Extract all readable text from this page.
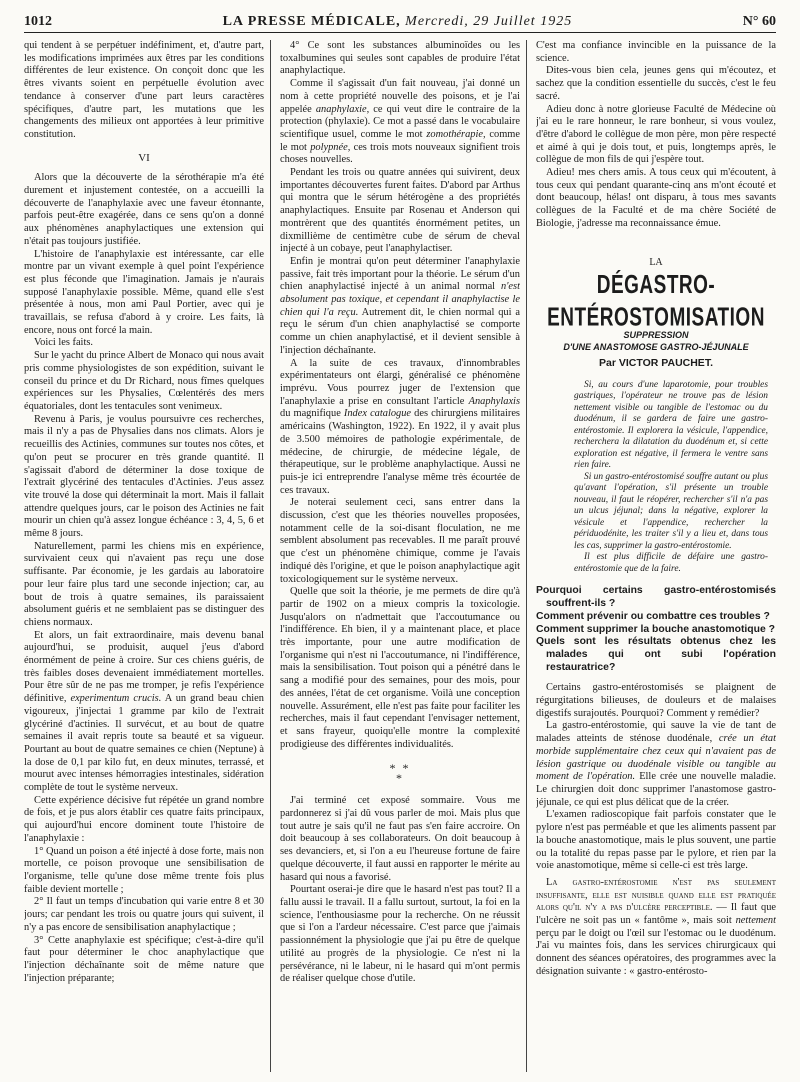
1012	LA PRESSE MÉDICALE, Mercredi, 29 Juillet 1925	N° 60

qui tendent à se perpétuer indéfiniment, et, d'autre part, les modifications imprimées aux êtres par les conditions différentes de leur existence. On conçoit donc que les êtres vivants soient en perpétuelle évolution avec tendance à conserver d'une part leurs caractères spécifiques, d'autre part, les mutations que les changements des milieux ont apportées à leur primitive constitution.

VI

Alors que la découverte de la sérothérapie m'a été durement et injustement contestée, on a accueilli la découverte de l'anaphylaxie avec une faveur étonnante, parfois peut-être exagérée, dans ce sens qu'on a donné aux phénomènes anaphylactiques une extension qui n'était pas toujours justifiée.

L'histoire de l'anaphylaxie est intéressante, car elle montre par un vivant exemple à quel point l'expérience est plus féconde que l'imagination. Jamais je n'aurais supposé l'anaphylaxie possible. Même, quand elle s'est présentée à nous, mon ami Paul Portier, avec qui je travaillais, se refusa d'abord à y croire. Les faits, là encore, nous ont forcé la main.

Voici les faits.

Sur le yacht du prince Albert de Monaco qui nous avait pris comme physiologistes de son expédition, suivant le conseil du prince et du Dr Richard, nous fîmes quelques expériences sur les Physalies, Cœlentérés des mers équatoriales, dont les tentacules sont venimeux.

Revenu à Paris, je voulus poursuivre ces recherches, mais il n'y a pas de Physalies dans nos climats. Alors je recueillis des Actinies, communes sur toutes nos côtes, et qu'on peut se procurer en très grande quantité. Il s'agissait d'abord de déterminer la dose toxique de l'extrait glycériné des tentacules d'Actinies. J'eus assez vite trouvé la dose qui déterminait la mort. Mais il fallait attendre quelques jours, car le poison des Actinies ne fait mourir un chien qu'à assez longue échéance : 3, 4, 5, 6 et même 8 jours.

Naturellement, parmi les chiens mis en expérience, survivaient ceux qui n'avaient pas reçu une dose suffisante. Par économie, je les gardais au laboratoire pour leur faire plus tard une seconde injection; car, au bout de trois à quatre semaines, ils paraissaient absolument guéris et ne semblaient pas se distinguer des chiens normaux.

Et alors, un fait extraordinaire, mais devenu banal aujourd'hui, se produisit, auquel j'eus d'abord énormément de peine à croire. Sur ces chiens guéris, de très faibles doses devenaient immédiatement mortelles. Pour être sûr de ne pas me tromper, je refis l'expérience définitive, experimentum crucis. A un grand beau chien vigoureux, j'injectai 1 gramme par kilo de l'extrait glycériné d'actinies. Il survécut, et au bout de quatre semaines il avait repris toute sa beauté et sa vigueur. Pourtant au bout de quatre semaines ce chien (Neptune) à la dose de 0,1 par kilo fut, en deux minutes, terrassé, et mourut avec intenses hémorragies intestinales, sidération complète de tout le système nerveux.

Cette expérience décisive fut répétée un grand nombre de fois, et je pus alors établir ces quatre faits principaux, qui aujourd'hui encore dominent toute l'histoire de l'anaphylaxie :

1° Quand un poison a été injecté à dose forte, mais non mortelle, ce poison provoque une sensibilisation de l'organisme, telle qu'une dose même trente fois plus faible devient mortelle ;

2° Il faut un temps d'incubation qui varie entre 8 et 30 jours; car pendant les trois ou quatre jours qui suivent, il n'y a pas encore de sensibilisation anaphylactique ;

3° Cette anaphylaxie est spécifique; c'est-à-dire qu'il faut pour déterminer le choc anaphylactique que l'injection déchaînante soit de même nature que l'injection préparante;

4° Ce sont les substances albuminoïdes ou les toxalbumines qui seules sont capables de produire l'état anaphylactique.

Comme il s'agissait d'un fait nouveau, j'ai donné un nom à cette propriété nouvelle des poisons, et je l'ai appelée anaphylaxie, ce qui veut dire le contraire de la protection (phylaxie). Ce mot a passé dans le vocabulaire scientifique usuel, comme le mot zomothérapie, comme le mot polypnée, ces trois mots nouveaux signifient trois choses nouvelles.

Pendant les trois ou quatre années qui suivirent, deux importantes découvertes furent faites. D'abord par Arthus qui montra que le sérum hétérogène a des propriétés anaphylactiques. Ensuite par Rosenau et Anderson qui montrèrent que des quantités énormément petites, un dixmillième de centimètre cube de sérum de cheval injecté à un cobaye, peut l'anaphylactiser.

Enfin je montrai qu'on peut déterminer l'anaphylaxie passive, fait très important pour la théorie. Le sérum d'un chien anaphylactisé injecté à un animal normal n'est absolument pas toxique, et cependant il anaphylactise le chien qui l'a reçu. Autrement dit, le chien normal qui a reçu le sérum d'un chien anaphylactisé se comporte comme un chien anaphylactisé, et il devient sensible à l'injection déchaînante.

A la suite de ces travaux, d'innombrables expérimentateurs ont élargi, généralisé ce phénomène imprévu. Vous pourrez juger de l'extension que l'anaphylaxie a prise en consultant l'article Anaphylaxis du magnifique Index catalogue des chirurgiens militaires américains (Washington, 1922). En 1922, il y avait plus de 3.500 mémoires de pathologie expérimentale, de médecine, de chirurgie, de médecine légale, de thérapeutique, sur le problème anaphylactique. Aussi ne puis-je ici entreprendre l'analyse même très écourtée de ces travaux.

Je noterai seulement ceci, sans entrer dans la discussion, c'est que les théories nouvelles proposées, notamment celle de la soi-disant floculation, ne me semblent absolument pas recevables. Il me paraît prouvé que c'est un phénomène chimique, comme je l'avais indiqué dès l'origine, et que le poison anaphylactique agit toxicologiquement sur le système nerveux.

Quelle que soit la théorie, je me permets de dire qu'à partir de 1902 on a mieux compris la toxicologie. Jusqu'alors on n'admettait que l'accoutumance ou l'indifférence. Eh bien, il y a maintenant place, et place très importante, pour une autre modification de l'organisme qui n'est ni l'accoutumance, ni l'indifférence, mais la sensibilisation. Tout poison qui a pénétré dans le sang a modifié pour des semaines, pour des mois, pour des années, l'état de cet organisme. Voilà une conception nouvelle. Assurément, elle n'est pas faite pour faciliter les recherches, mais il faut cependant l'envisager nettement, et sans frayeur, quoiqu'elle montre la complexité prodigieuse des différentes individualités.

* *
*

J'ai terminé cet exposé sommaire. Vous me pardonnerez si j'ai dû vous parler de moi. Mais plus que tout autre je sais qu'il ne faut pas s'en faire accroire. On doit beaucoup à ses collaborateurs. On doit beaucoup à ses devanciers, et, si l'on a eu l'heureuse fortune de faire quelque découverte, il faut aussi en rapporter le mérite au hasard qui nous a favorisé.

Pourtant oserai-je dire que le hasard n'est pas tout? Il a fallu aussi le travail. Il a fallu surtout, surtout, la foi en la science, l'enthousiasme pour la recherche. On ne réussit que si l'on a l'ardeur nécessaire. C'est parce que j'aimais passionnément la physiologie que j'ai pu être de quelque utilité au progrès de la physiologie. Ce n'est ni la persévérance, ni le labeur, ni le hasard qui m'ont permis de réaliser quelque chose d'utile.

C'est ma confiance invincible en la puissance de la science.

Dites-vous bien cela, jeunes gens qui m'écoutez, et sachez que la condition essentielle du succès, c'est le feu sacré.

Adieu donc à notre glorieuse Faculté de Médecine où j'ai eu le rare honneur, le rare bonheur, si vous voulez, d'être d'abord le collègue de mon père, mon père respecté et aimé à qui je dois tout, et puis, longtemps après, le collègue de mon fils de qui j'espère tout.

Adieu! mes chers amis. A tous ceux qui m'écoutent, à tous ceux qui pendant quarante-cinq ans m'ont écouté et dont beaucoup, hélas! ont disparu, à tous mes savants collègues de la Faculté et de ma chère Société de Biologie, j'adresse ma reconnaissance émue.

LA
DÉGASTRO-ENTÉROSTOMISATION
SUPPRESSION
D'UNE ANASTOMOSE GASTRO-JÉJUNALE
Par VICTOR PAUCHET.

Si, au cours d'une laparotomie, pour troubles gastriques, l'opérateur ne trouve pas de lésion nettement visible ou tangible de l'estomac ou du duodénum, il se gardera de faire une gastro-entérostomie. Il explorera la vésicule, l'appendice, recherchera la dilatation du duodénum et, si cette exploration est négative, il fermera le ventre sans rien faire.

Si un gastro-entérostomisé souffre autant ou plus qu'avant l'opération, s'il présente un trouble nouveau, il faut le réopérer, rechercher s'il n'a pas un ulcus jéjunal; dans la négative, explorer la vésicule et l'appendice, rechercher la périduodénite, les traiter s'il y a lieu et, dans tous les cas, supprimer la gastro-entérostomie.

Il est plus difficile de défaire une gastro-entérostomie que de la faire.

Pourquoi certains gastro-entérostomisés souffrent-ils ?
Comment prévenir ou combattre ces troubles ?
Comment supprimer la bouche anastomotique ?
Quels sont les résultats obtenus chez les malades qui ont subi l'opération restauratrice?

Certains gastro-entérostomisés se plaignent de régurgitations bilieuses, de douleurs et de malaises digestifs surajoutés. Pourquoi? Comment y remédier?

La gastro-entérostomie, qui sauve la vie de tant de malades atteints de sténose duodénale, crée un état morbide supplémentaire chez ceux qui n'avaient pas de lésion gastrique ou duodénale visible ou tangible au moment de l'opération. Elle crée une nouvelle maladie. Le chirurgien doit donc supprimer l'anastomose gastro-jéjunale, ce qui est plus délicat que de la créer.

L'examen radioscopique fait parfois constater que le pylore n'est pas perméable et que les aliments passent par la bouche anastomotique, mais le plus souvent, une partie ou la totalité du repas passe par le pylore, et rien par la voie anastomotique, même si celle-ci est très large.

La gastro-entérostomie n'est pas seulement insuffisante, elle est nuisible quand elle est pratiquée alors qu'il n'y a pas d'ulcère perceptible. — Il faut que l'ulcère ne soit pas un « fantôme », mais soit nettement perçu par le doigt ou l'œil sur l'estomac ou le duodénum. J'ai vu maintes fois, dans les services chirurgicaux qui donnent des séances opératoires, des programmes avec la désignation suivante : « gastro-entérosto-
